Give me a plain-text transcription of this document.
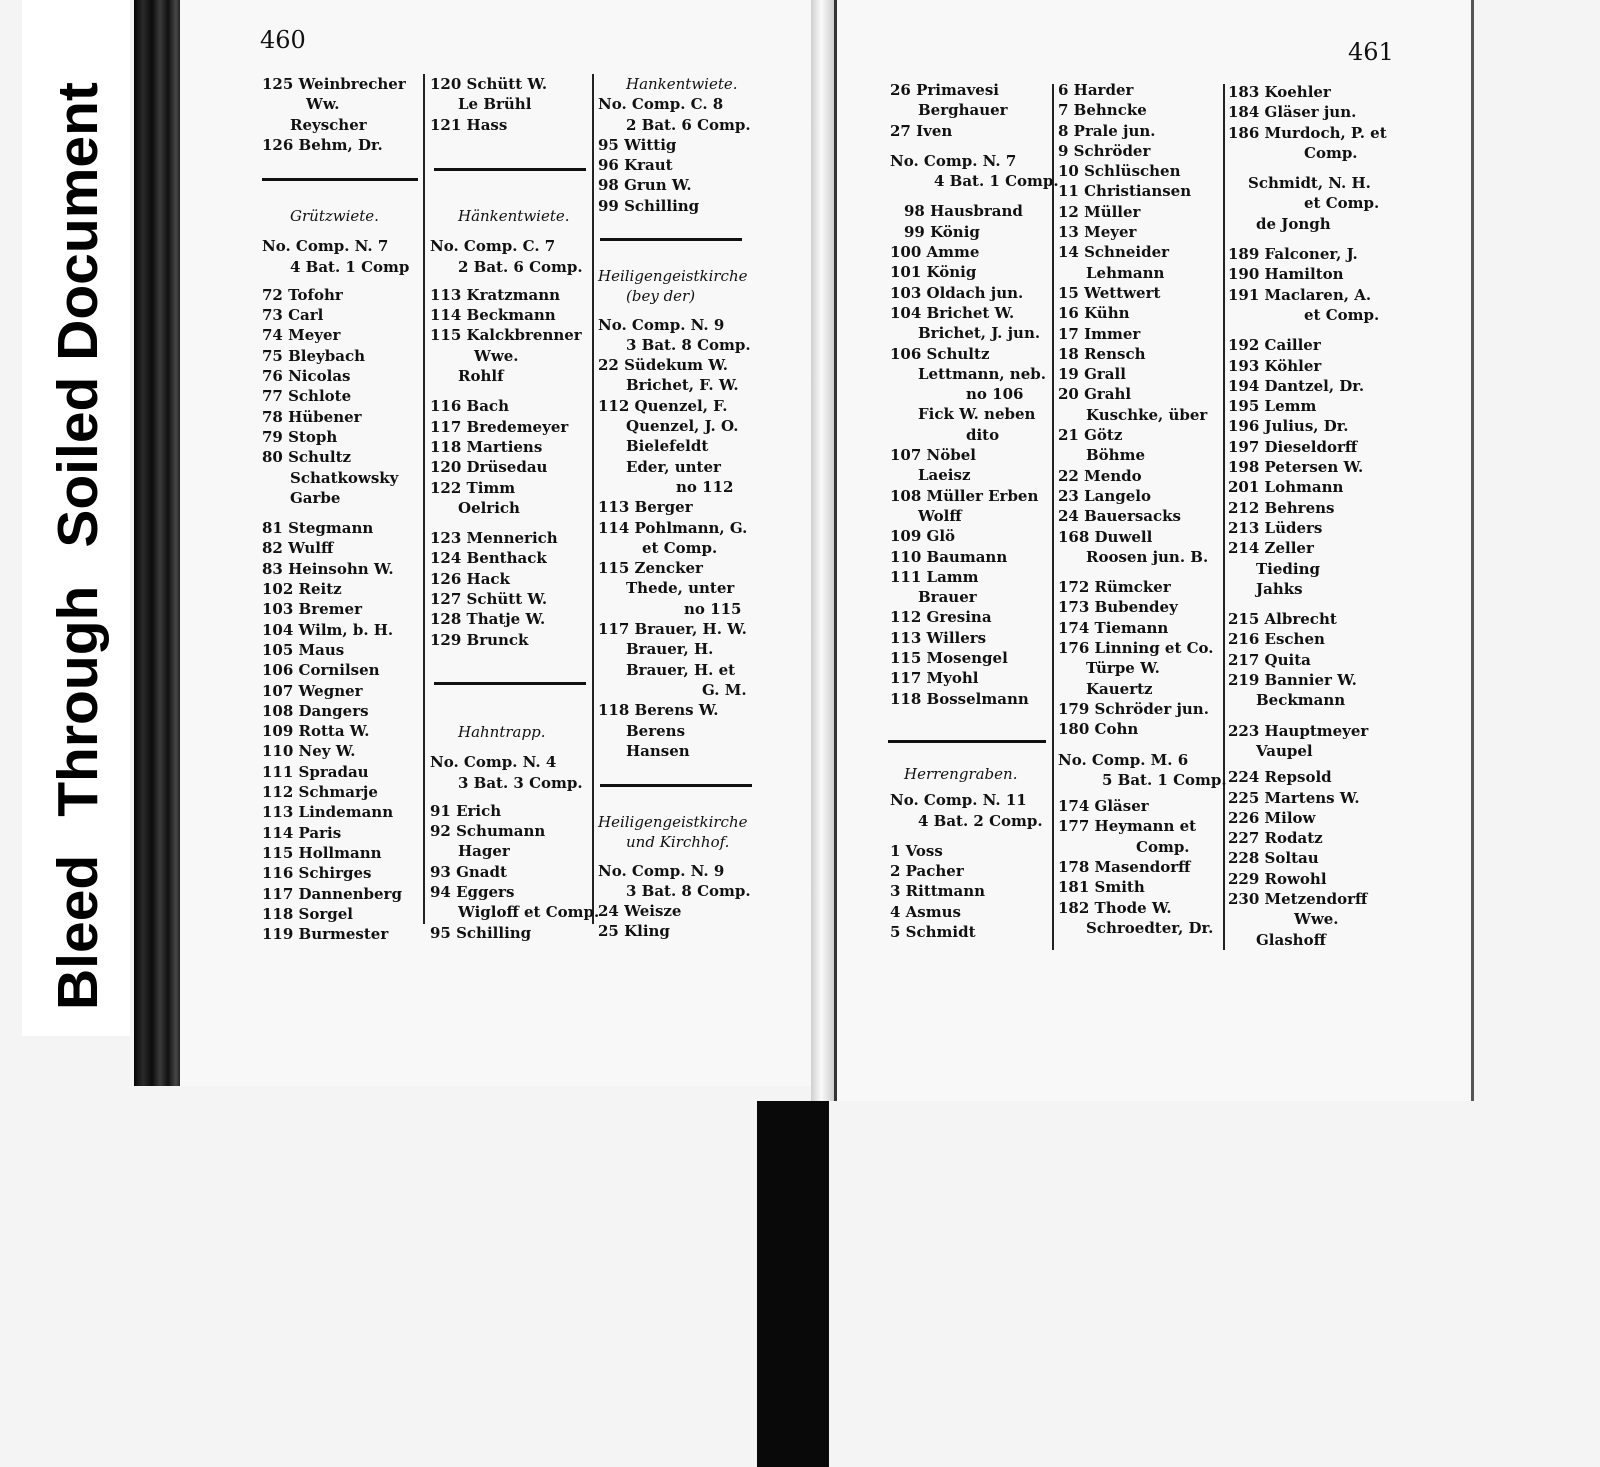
BleedThroughSoiled Document
460
125 Weinbrecher
Ww.
Reyscher
126 Behm, Dr.
Grützwiete.
No. Comp. N. 7
4 Bat. 1 Comp
72 Tofohr
73 Carl
74 Meyer
75 Bleybach
76 Nicolas
77 Schlote
78 Hübener
79 Stoph
80 Schultz
Schatkowsky
Garbe
81 Stegmann
82 Wulff
83 Heinsohn W.
102 Reitz
103 Bremer
104 Wilm, b. H.
105 Maus
106 Cornilsen
107 Wegner
108 Dangers
109 Rotta W.
110 Ney W.
111 Spradau
112 Schmarje
113 Lindemann
114 Paris
115 Hollmann
116 Schirges
117 Dannenberg
118 Sorgel
119 Burmester
120 Schütt W.
Le Brühl
121 Hass
Hänkentwiete.
No. Comp. C. 7
2 Bat. 6 Comp.
113 Kratzmann
114 Beckmann
115 Kalckbrenner
Wwe.
Rohlf
116 Bach
117 Bredemeyer
118 Martiens
120 Drüsedau
122 Timm
Oelrich
123 Mennerich
124 Benthack
126 Hack
127 Schütt W.
128 Thatje W.
129 Brunck
Hahntrapp.
No. Comp. N. 4
3 Bat. 3 Comp.
91 Erich
92 Schumann
Hager
93 Gnadt
94 Eggers
Wigloff et Comp.
95 Schilling
Hankentwiete.
No. Comp. C. 8
2 Bat. 6 Comp.
95 Wittig
96 Kraut
98 Grun W.
99 Schilling
Heiligengeistkirche
(bey der)
No. Comp. N. 9
3 Bat. 8 Comp.
22 Südekum W.
Brichet, F. W.
112 Quenzel, F.
Quenzel, J. O.
Bielefeldt
Eder, unter
no 112
113 Berger
114 Pohlmann, G.
et Comp.
115 Zencker
Thede, unter
no 115
117 Brauer, H. W.
Brauer, H.
Brauer, H. et
G. M.
118 Berens W.
Berens
Hansen
Heiligengeistkirche
und Kirchhof.
No. Comp. N. 9
3 Bat. 8 Comp.
24 Weisze
25 Kling
461
26 Primavesi
Berghauer
27 Iven
No. Comp. N. 7
4 Bat. 1 Comp.
98 Hausbrand
99 König
100 Amme
101 König
103 Oldach jun.
104 Brichet W.
Brichet, J. jun.
106 Schultz
Lettmann, neb.
no 106
Fick W. neben
dito
107 Nöbel
Laeisz
108 Müller Erben
Wolff
109 Glö
110 Baumann
111 Lamm
Brauer
112 Gresina
113 Willers
115 Mosengel
117 Myohl
118 Bosselmann
Herrengraben.
No. Comp. N. 11
4 Bat. 2 Comp.
1 Voss
2 Pacher
3 Rittmann
4 Asmus
5 Schmidt
6 Harder
7 Behncke
8 Prale jun.
9 Schröder
10 Schlüschen
11 Christiansen
12 Müller
13 Meyer
14 Schneider
Lehmann
15 Wettwert
16 Kühn
17 Immer
18 Rensch
19 Grall
20 Grahl
Kuschke, über
21 Götz
Böhme
22 Mendo
23 Langelo
24 Bauersacks
168 Duwell
Roosen jun. B.
172 Rümcker
173 Bubendey
174 Tiemann
176 Linning et Co.
Türpe W.
Kauertz
179 Schröder jun.
180 Cohn
No. Comp. M. 6
5 Bat. 1 Comp.
174 Gläser
177 Heymann et
Comp.
178 Masendorff
181 Smith
182 Thode W.
Schroedter, Dr.
183 Koehler
184 Gläser jun.
186 Murdoch, P. et
Comp.
Schmidt, N. H.
et Comp.
de Jongh
189 Falconer, J.
190 Hamilton
191 Maclaren, A.
et Comp.
192 Cailler
193 Köhler
194 Dantzel, Dr.
195 Lemm
196 Julius, Dr.
197 Dieseldorff
198 Petersen W.
201 Lohmann
212 Behrens
213 Lüders
214 Zeller
Tieding
Jahks
215 Albrecht
216 Eschen
217 Quita
219 Bannier W.
Beckmann
223 Hauptmeyer
Vaupel
224 Repsold
225 Martens W.
226 Milow
227 Rodatz
228 Soltau
229 Rowohl
230 Metzendorff
Wwe.
Glashoff
